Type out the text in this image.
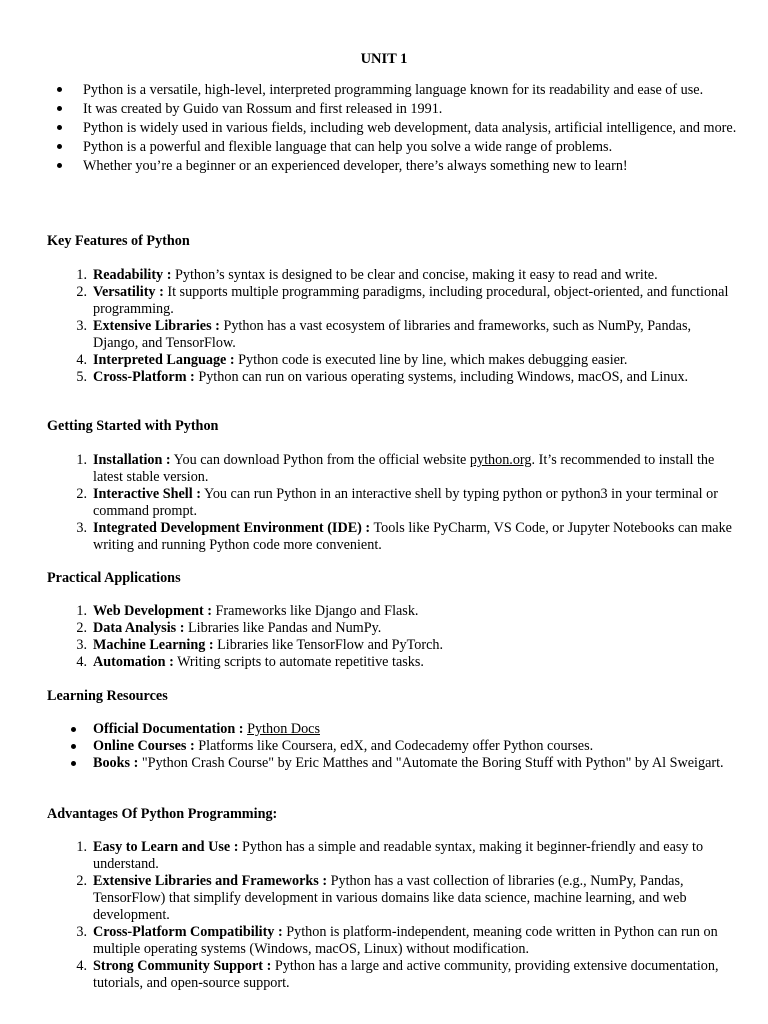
UNIT 1
Python is a versatile, high-level, interpreted programming language known for its readability and ease of use.
It was created by Guido van Rossum and first released in 1991.
Python is widely used in various fields, including web development, data analysis, artificial intelligence, and more.
Python is a powerful and flexible language that can help you solve a wide range of problems.
Whether you’re a beginner or an experienced developer, there’s always something new to learn!
Key Features of Python
1. Readability : Python’s syntax is designed to be clear and concise, making it easy to read and write.
2. Versatility : It supports multiple programming paradigms, including procedural, object-oriented, and functional programming.
3. Extensive Libraries : Python has a vast ecosystem of libraries and frameworks, such as NumPy, Pandas, Django, and TensorFlow.
4. Interpreted Language : Python code is executed line by line, which makes debugging easier.
5. Cross-Platform : Python can run on various operating systems, including Windows, macOS, and Linux.
Getting Started with Python
1. Installation : You can download Python from the official website python.org. It’s recommended to install the latest stable version.
2. Interactive Shell : You can run Python in an interactive shell by typing python or python3 in your terminal or command prompt.
3. Integrated Development Environment (IDE) : Tools like PyCharm, VS Code, or Jupyter Notebooks can make writing and running Python code more convenient.
Practical Applications
1. Web Development : Frameworks like Django and Flask.
2. Data Analysis : Libraries like Pandas and NumPy.
3. Machine Learning : Libraries like TensorFlow and PyTorch.
4. Automation : Writing scripts to automate repetitive tasks.
Learning Resources
Official Documentation : Python Docs
Online Courses : Platforms like Coursera, edX, and Codecademy offer Python courses.
Books : "Python Crash Course" by Eric Matthes and "Automate the Boring Stuff with Python" by Al Sweigart.
Advantages Of Python Programming:
1. Easy to Learn and Use : Python has a simple and readable syntax, making it beginner-friendly and easy to understand.
2. Extensive Libraries and Frameworks : Python has a vast collection of libraries (e.g., NumPy, Pandas, TensorFlow) that simplify development in various domains like data science, machine learning, and web development.
3. Cross-Platform Compatibility : Python is platform-independent, meaning code written in Python can run on multiple operating systems (Windows, macOS, Linux) without modification.
4. Strong Community Support : Python has a large and active community, providing extensive documentation, tutorials, and open-source support.
